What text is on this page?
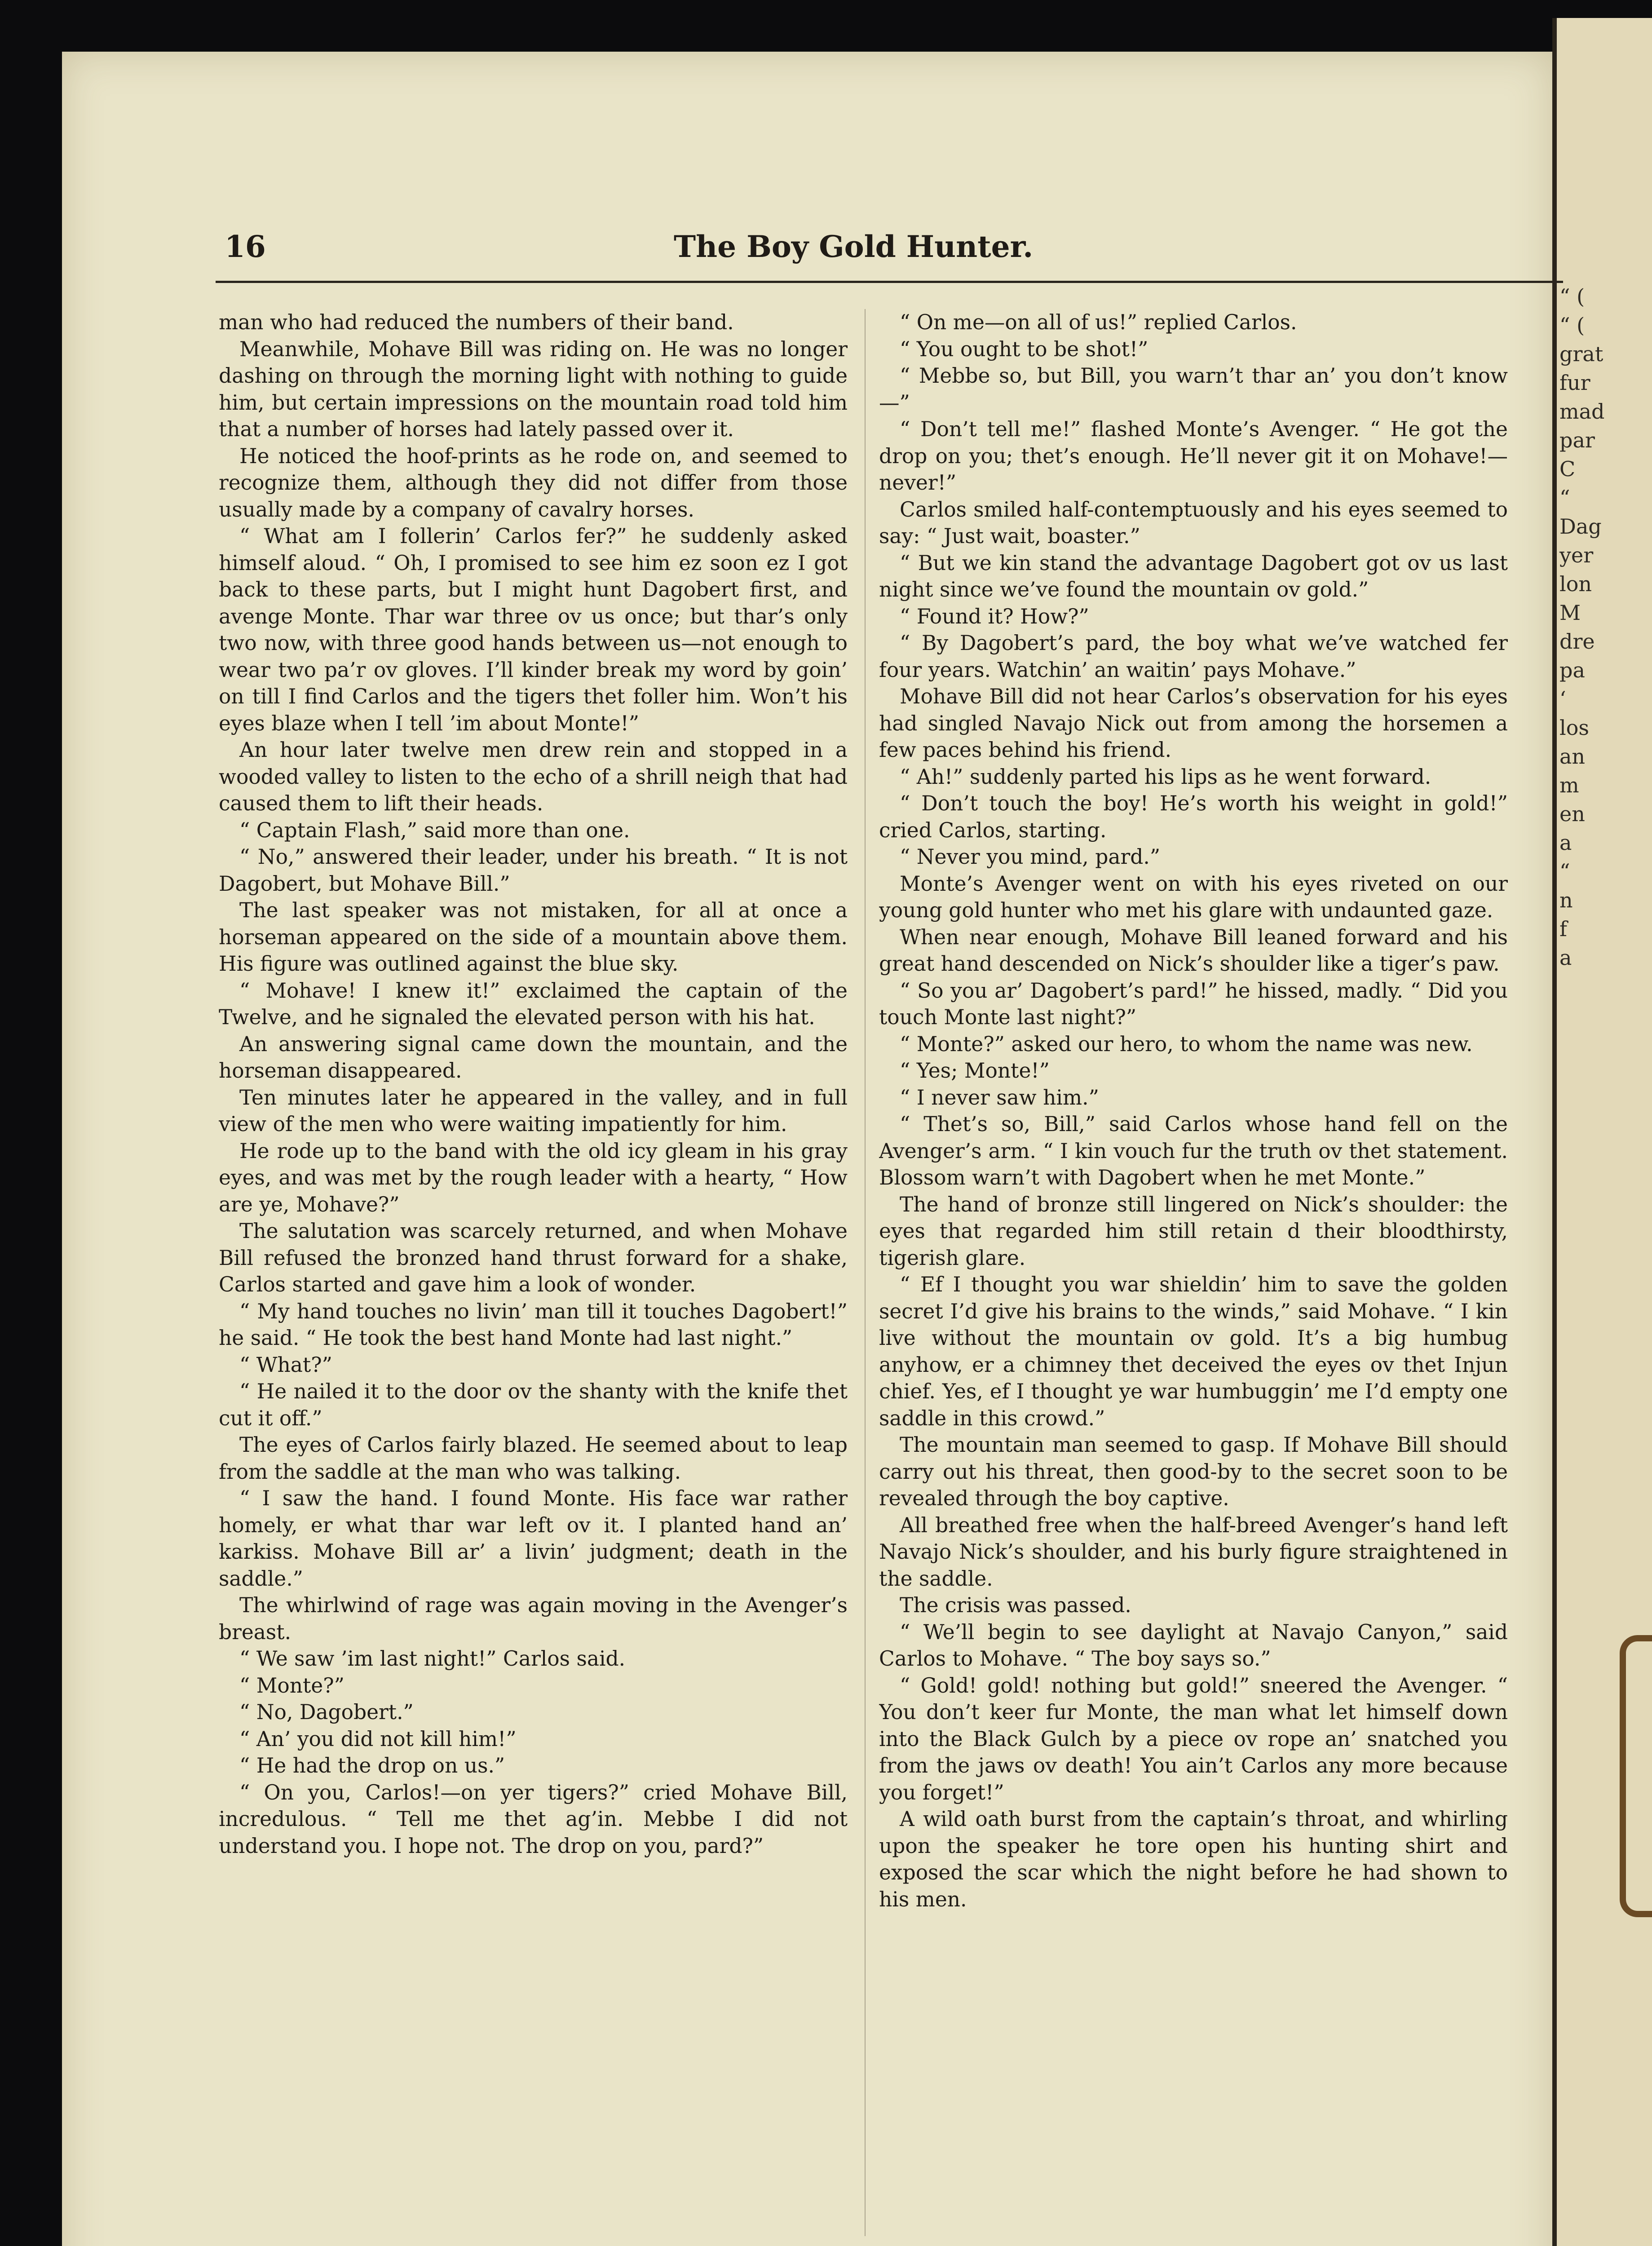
“ (
“ (
grat
fur
mad
par
C
“
Dag
yer
lon
M
dre
pa
‘
los
an
m
en
a
“
n
f
a
16	The Boy Gold Hunter.

man who had reduced the numbers of their band.

Meanwhile, Mohave Bill was riding on. He was no longer dashing on through the morning light with nothing to guide him, but certain impressions on the mountain road told him that a number of horses had lately passed over it.

He noticed the hoof-prints as he rode on, and seemed to recognize them, although they did not differ from those usually made by a company of cavalry horses.

“ What am I follerin’ Carlos fer?” he suddenly asked himself aloud. “ Oh, I promised to see him ez soon ez I got back to these parts, but I might hunt Dagobert first, and avenge Monte. Thar war three ov us once; but thar’s only two now, with three good hands between us—not enough to wear two pa’r ov gloves. I’ll kinder break my word by goin’ on till I find Carlos and the tigers thet foller him. Won’t his eyes blaze when I tell ’im about Monte!”

An hour later twelve men drew rein and stopped in a wooded valley to listen to the echo of a shrill neigh that had caused them to lift their heads.

“ Captain Flash,” said more than one.

“ No,” answered their leader, under his breath. “ It is not Dagobert, but Mohave Bill.”

The last speaker was not mistaken, for all at once a horseman appeared on the side of a mountain above them. His figure was outlined against the blue sky.

“ Mohave! I knew it!” exclaimed the captain of the Twelve, and he signaled the elevated person with his hat.

An answering signal came down the mountain, and the horseman disappeared.

Ten minutes later he appeared in the valley, and in full view of the men who were waiting impatiently for him.

He rode up to the band with the old icy gleam in his gray eyes, and was met by the rough leader with a hearty, “ How are ye, Mohave?”

The salutation was scarcely returned, and when Mohave Bill refused the bronzed hand thrust forward for a shake, Carlos started and gave him a look of wonder.

“ My hand touches no livin’ man till it touches Dagobert!” he said. “ He took the best hand Monte had last night.”

“ What?”

“ He nailed it to the door ov the shanty with the knife thet cut it off.”

The eyes of Carlos fairly blazed. He seemed about to leap from the saddle at the man who was talking.

“ I saw the hand. I found Monte. His face war rather homely, er what thar war left ov it. I planted hand an’ karkiss. Mohave Bill ar’ a livin’ judgment; death in the saddle.”

The whirlwind of rage was again moving in the Avenger’s breast.

“ We saw ’im last night!” Carlos said.

“ Monte?”

“ No, Dagobert.”

“ An’ you did not kill him!”

“ He had the drop on us.”

“ On you, Carlos!—on yer tigers?” cried Mohave Bill, incredulous. “ Tell me thet ag’in. Mebbe I did not understand you. I hope not. The drop on you, pard?”

“ On me—on all of us!” replied Carlos.

“ You ought to be shot!”

“ Mebbe so, but Bill, you warn’t thar an’ you don’t know—”

“ Don’t tell me!” flashed Monte’s Avenger. “ He got the drop on you; thet’s enough. He’ll never git it on Mohave!—never!”

Carlos smiled half-contemptuously and his eyes seemed to say: “ Just wait, boaster.”

“ But we kin stand the advantage Dagobert got ov us last night since we’ve found the mountain ov gold.”

“ Found it? How?”

“ By Dagobert’s pard, the boy what we’ve watched fer four years. Watchin’ an waitin’ pays Mohave.”

Mohave Bill did not hear Carlos’s observation for his eyes had singled Navajo Nick out from among the horsemen a few paces behind his friend.

“ Ah!” suddenly parted his lips as he went forward.

“ Don’t touch the boy! He’s worth his weight in gold!” cried Carlos, starting.

“ Never you mind, pard.”

Monte’s Avenger went on with his eyes riveted on our young gold hunter who met his glare with undaunted gaze.

When near enough, Mohave Bill leaned forward and his great hand descended on Nick’s shoulder like a tiger’s paw.

“ So you ar’ Dagobert’s pard!” he hissed, madly. “ Did you touch Monte last night?”

“ Monte?” asked our hero, to whom the name was new.

“ Yes; Monte!”

“ I never saw him.”

“ Thet’s so, Bill,” said Carlos whose hand fell on the Avenger’s arm. “ I kin vouch fur the truth ov thet statement. Blossom warn’t with Dagobert when he met Monte.”

The hand of bronze still lingered on Nick’s shoulder: the eyes that regarded him still retain d their bloodthirsty, tigerish glare.

“ Ef I thought you war shieldin’ him to save the golden secret I’d give his brains to the winds,” said Mohave. “ I kin live without the mountain ov gold. It’s a big humbug anyhow, er a chimney thet deceived the eyes ov thet Injun chief. Yes, ef I thought ye war humbuggin’ me I’d empty one saddle in this crowd.”

The mountain man seemed to gasp. If Mohave Bill should carry out his threat, then good-by to the secret soon to be revealed through the boy captive.

All breathed free when the half-breed Avenger’s hand left Navajo Nick’s shoulder, and his burly figure straightened in the saddle.

The crisis was passed.

“ We’ll begin to see daylight at Navajo Canyon,” said Carlos to Mohave. “ The boy says so.”

“ Gold! gold! nothing but gold!” sneered the Avenger. “ You don’t keer fur Monte, the man what let himself down into the Black Gulch by a piece ov rope an’ snatched you from the jaws ov death! You ain’t Carlos any more because you forget!”

A wild oath burst from the captain’s throat, and whirling upon the speaker he tore open his hunting shirt and exposed the scar which the night before he had shown to his men.
